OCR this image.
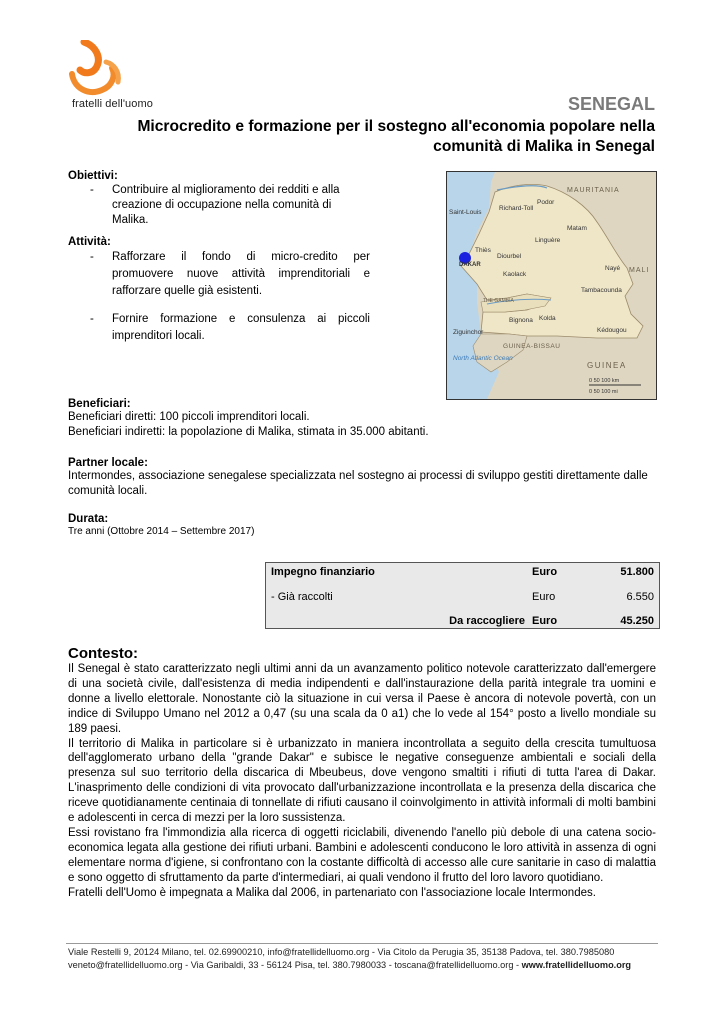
fratelli dell'uomo	SENEGAL
Microcredito e formazione per il sostegno all'economia popolare nella
comunità di Malika in Senegal
Obiettivi:
- Contribuire al miglioramento dei redditi e alla creazione di occupazione nella comunità di Malika.
Attività:
- Rafforzare il fondo di micro-credito per promuovere nuove attività imprenditoriali e rafforzare quelle già esistenti.
- Fornire formazione e consulenza ai piccoli imprenditori locali.
MAURITANIA
Saint-Louis
Podor
Richard-Toll
Matam
Linguère
Thiès
Diourbel
DAKAR
Kaolack
Nayé MALI
Tambacounda
THE GAMBIA
Bignona Kolda
Ziguinchor	Kédougou
GUINEA-BISSAU
North Atlantic Ocean
GUINEA
0 50 100 km
0 50 100 mi
Beneficiari:
Beneficiari diretti: 100 piccoli imprenditori locali.
Beneficiari indiretti: la popolazione di Malika, stimata in 35.000 abitanti.
Partner locale:
Intermondes, associazione senegalese specializzata nel sostegno ai processi di sviluppo gestiti direttamente dalle comunità locali.
Durata:
Tre anni (Ottobre 2014 – Settembre 2017)
Impegno finanziario	Euro	51.800
- Già raccolti	Euro	6.550
Da raccogliere Euro	45.250
Contesto:

Il Senegal è stato caratterizzato negli ultimi anni da un avanzamento politico notevole caratterizzato dall'emergere di una società civile, dall'esistenza di media indipendenti e dall'instaurazione della parità integrale tra uomini e donne a livello elettorale. Nonostante ciò la situazione in cui versa il Paese è ancora di notevole povertà, con un indice di Sviluppo Umano nel 2012 a 0,47 (su una scala da 0 a1) che lo vede al 154° posto a livello mondiale su 189 paesi.

Il territorio di Malika in particolare si è urbanizzato in maniera incontrollata a seguito della crescita tumultuosa dell'agglomerato urbano della "grande Dakar" e subisce le negative conseguenze ambientali e sociali della presenza sul suo territorio della discarica di Mbeubeus, dove vengono smaltiti i rifiuti di tutta l'area di Dakar. L'inasprimento delle condizioni di vita provocato dall'urbanizzazione incontrollata e la presenza della discarica che riceve quotidianamente centinaia di tonnellate di rifiuti causano il coinvolgimento in attività informali di molti bambini e adolescenti in cerca di mezzi per la loro sussistenza.

Essi rovistano fra l'immondizia alla ricerca di oggetti riciclabili, divenendo l'anello più debole di una catena socio-economica legata alla gestione dei rifiuti urbani. Bambini e adolescenti conducono le loro attività in assenza di ogni elementare norma d'igiene, si confrontano con la costante difficoltà di accesso alle cure sanitarie in caso di malattia e sono oggetto di sfruttamento da parte d'intermediari, ai quali vendono il frutto del loro lavoro quotidiano.

Fratelli dell'Uomo è impegnata a Malika dal 2006, in partenariato con l'associazione locale Intermondes.

Viale Restelli 9, 20124 Milano, tel. 02.69900210, info@fratellidelluomo.org - Via Citolo da Perugia 35, 35138 Padova, tel. 380.7985080
veneto@fratellidelluomo.org - Via Garibaldi, 33 - 56124 Pisa, tel. 380.7980033 - toscana@fratellidelluomo.org - www.fratellidelluomo.org
